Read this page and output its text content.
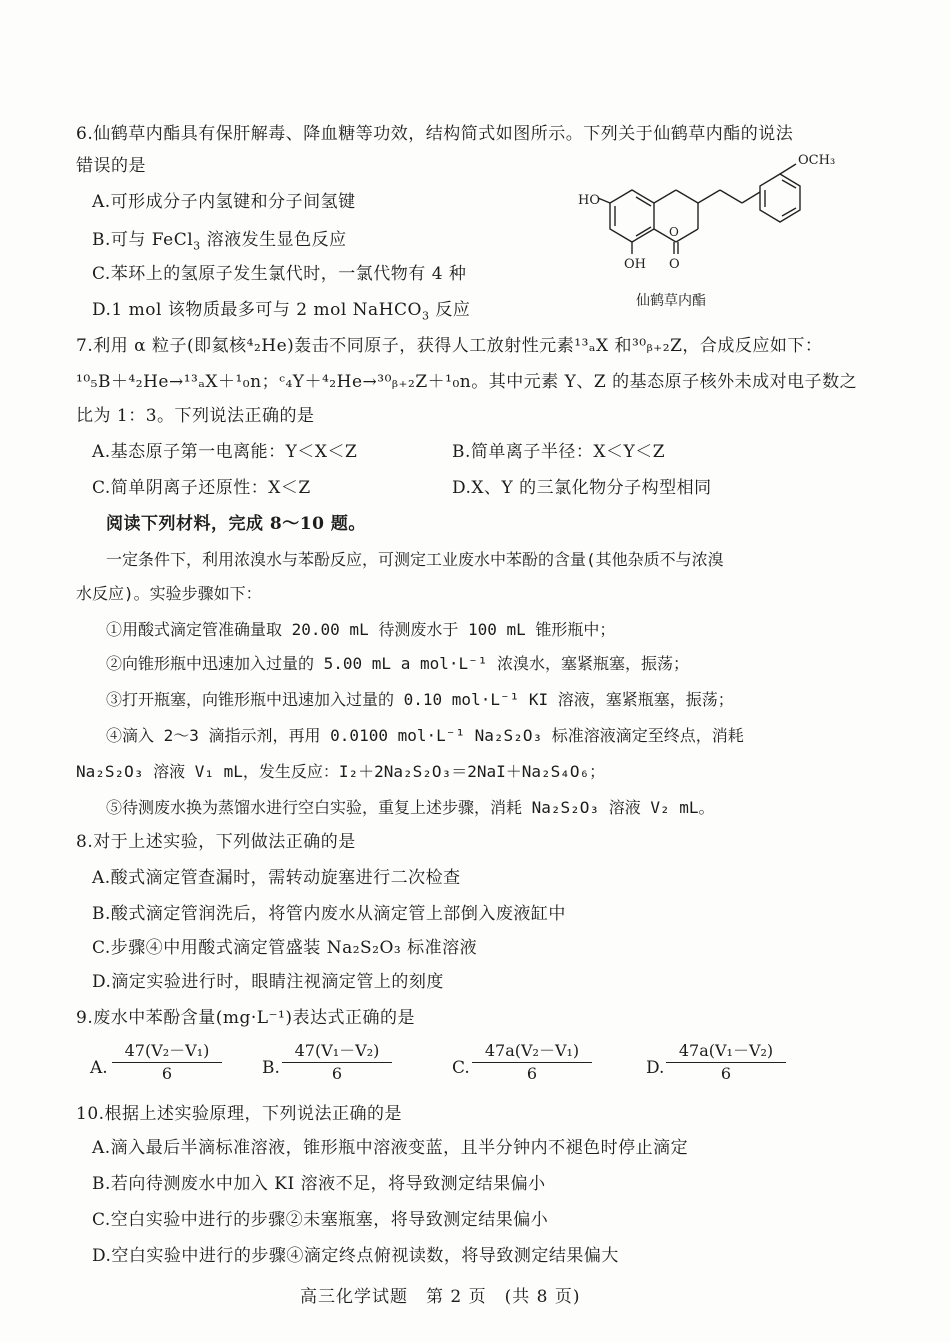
6.仙鹤草内酯具有保肝解毒、降血糖等功效，结构简式如图所示。下列关于仙鹤草内酯的说法
错误的是
A.可形成分子内氢键和分子间氢键
B.可与 FeCl$_3$ 溶液发生显色反应
C.苯环上的氢原子发生氯代时，一氯代物有 4 种
D.1 mol 该物质最多可与 2 mol NaHCO$_3$ 反应
OCH₃
HO
OH O
O
仙鹤草内酯
7.利用 α 粒子(即氦核⁴₂He)轰击不同原子，获得人工放射性元素¹³ₐX 和³⁰ᵦ₊₂Z，合成反应如下：
¹⁰₅B＋⁴₂He→¹³ₐX＋¹₀n；ᶜ₄Y＋⁴₂He→³⁰ᵦ₊₂Z＋¹₀n。其中元素 Y、Z 的基态原子核外未成对电子数之
比为 1：3。下列说法正确的是
A.基态原子第一电离能：Y＜X＜Z	B.简单离子半径：X＜Y＜Z
C.简单阴离子还原性：X＜Z	D.X、Y 的三氯化物分子构型相同
阅读下列材料，完成 8～10 题。
一定条件下，利用浓溴水与苯酚反应，可测定工业废水中苯酚的含量(其他杂质不与浓溴
水反应)。实验步骤如下：
①用酸式滴定管准确量取 20.00 mL 待测废水于 100 mL 锥形瓶中；
②向锥形瓶中迅速加入过量的 5.00 mL a mol·L⁻¹ 浓溴水，塞紧瓶塞，振荡；
③打开瓶塞，向锥形瓶中迅速加入过量的 0.10 mol·L⁻¹ KI 溶液，塞紧瓶塞，振荡；
④滴入 2～3 滴指示剂，再用 0.0100 mol·L⁻¹ Na₂S₂O₃ 标准溶液滴定至终点，消耗
Na₂S₂O₃ 溶液 V₁ mL，发生反应：I₂＋2Na₂S₂O₃＝2NaI＋Na₂S₄O₆；
⑤待测废水换为蒸馏水进行空白实验，重复上述步骤，消耗 Na₂S₂O₃ 溶液 V₂ mL。
8.对于上述实验，下列做法正确的是
A.酸式滴定管查漏时，需转动旋塞进行二次检查
B.酸式滴定管润洗后，将管内废水从滴定管上部倒入废液缸中
C.步骤④中用酸式滴定管盛装 Na₂S₂O₃ 标准溶液
D.滴定实验进行时，眼睛注视滴定管上的刻度
9.废水中苯酚含量(mg·L⁻¹)表达式正确的是
A. $\frac{\text{47(V₂－V₁)}}{6} B$. $\frac{\text{47(V₁－V₂)}}{6}$	C. $\frac{\text{47a(V₂－V₁)}}{6}$	D. $\frac{\text{47a(V₁－V₂)}}{6}$
10.根据上述实验原理，下列说法正确的是
A.滴入最后半滴标准溶液，锥形瓶中溶液变蓝，且半分钟内不褪色时停止滴定
B.若向待测废水中加入 KI 溶液不足，将导致测定结果偏小
C.空白实验中进行的步骤②未塞瓶塞，将导致测定结果偏小
D.空白实验中进行的步骤④滴定终点俯视读数，将导致测定结果偏大
高三化学试题　第 2 页　(共 8 页)
